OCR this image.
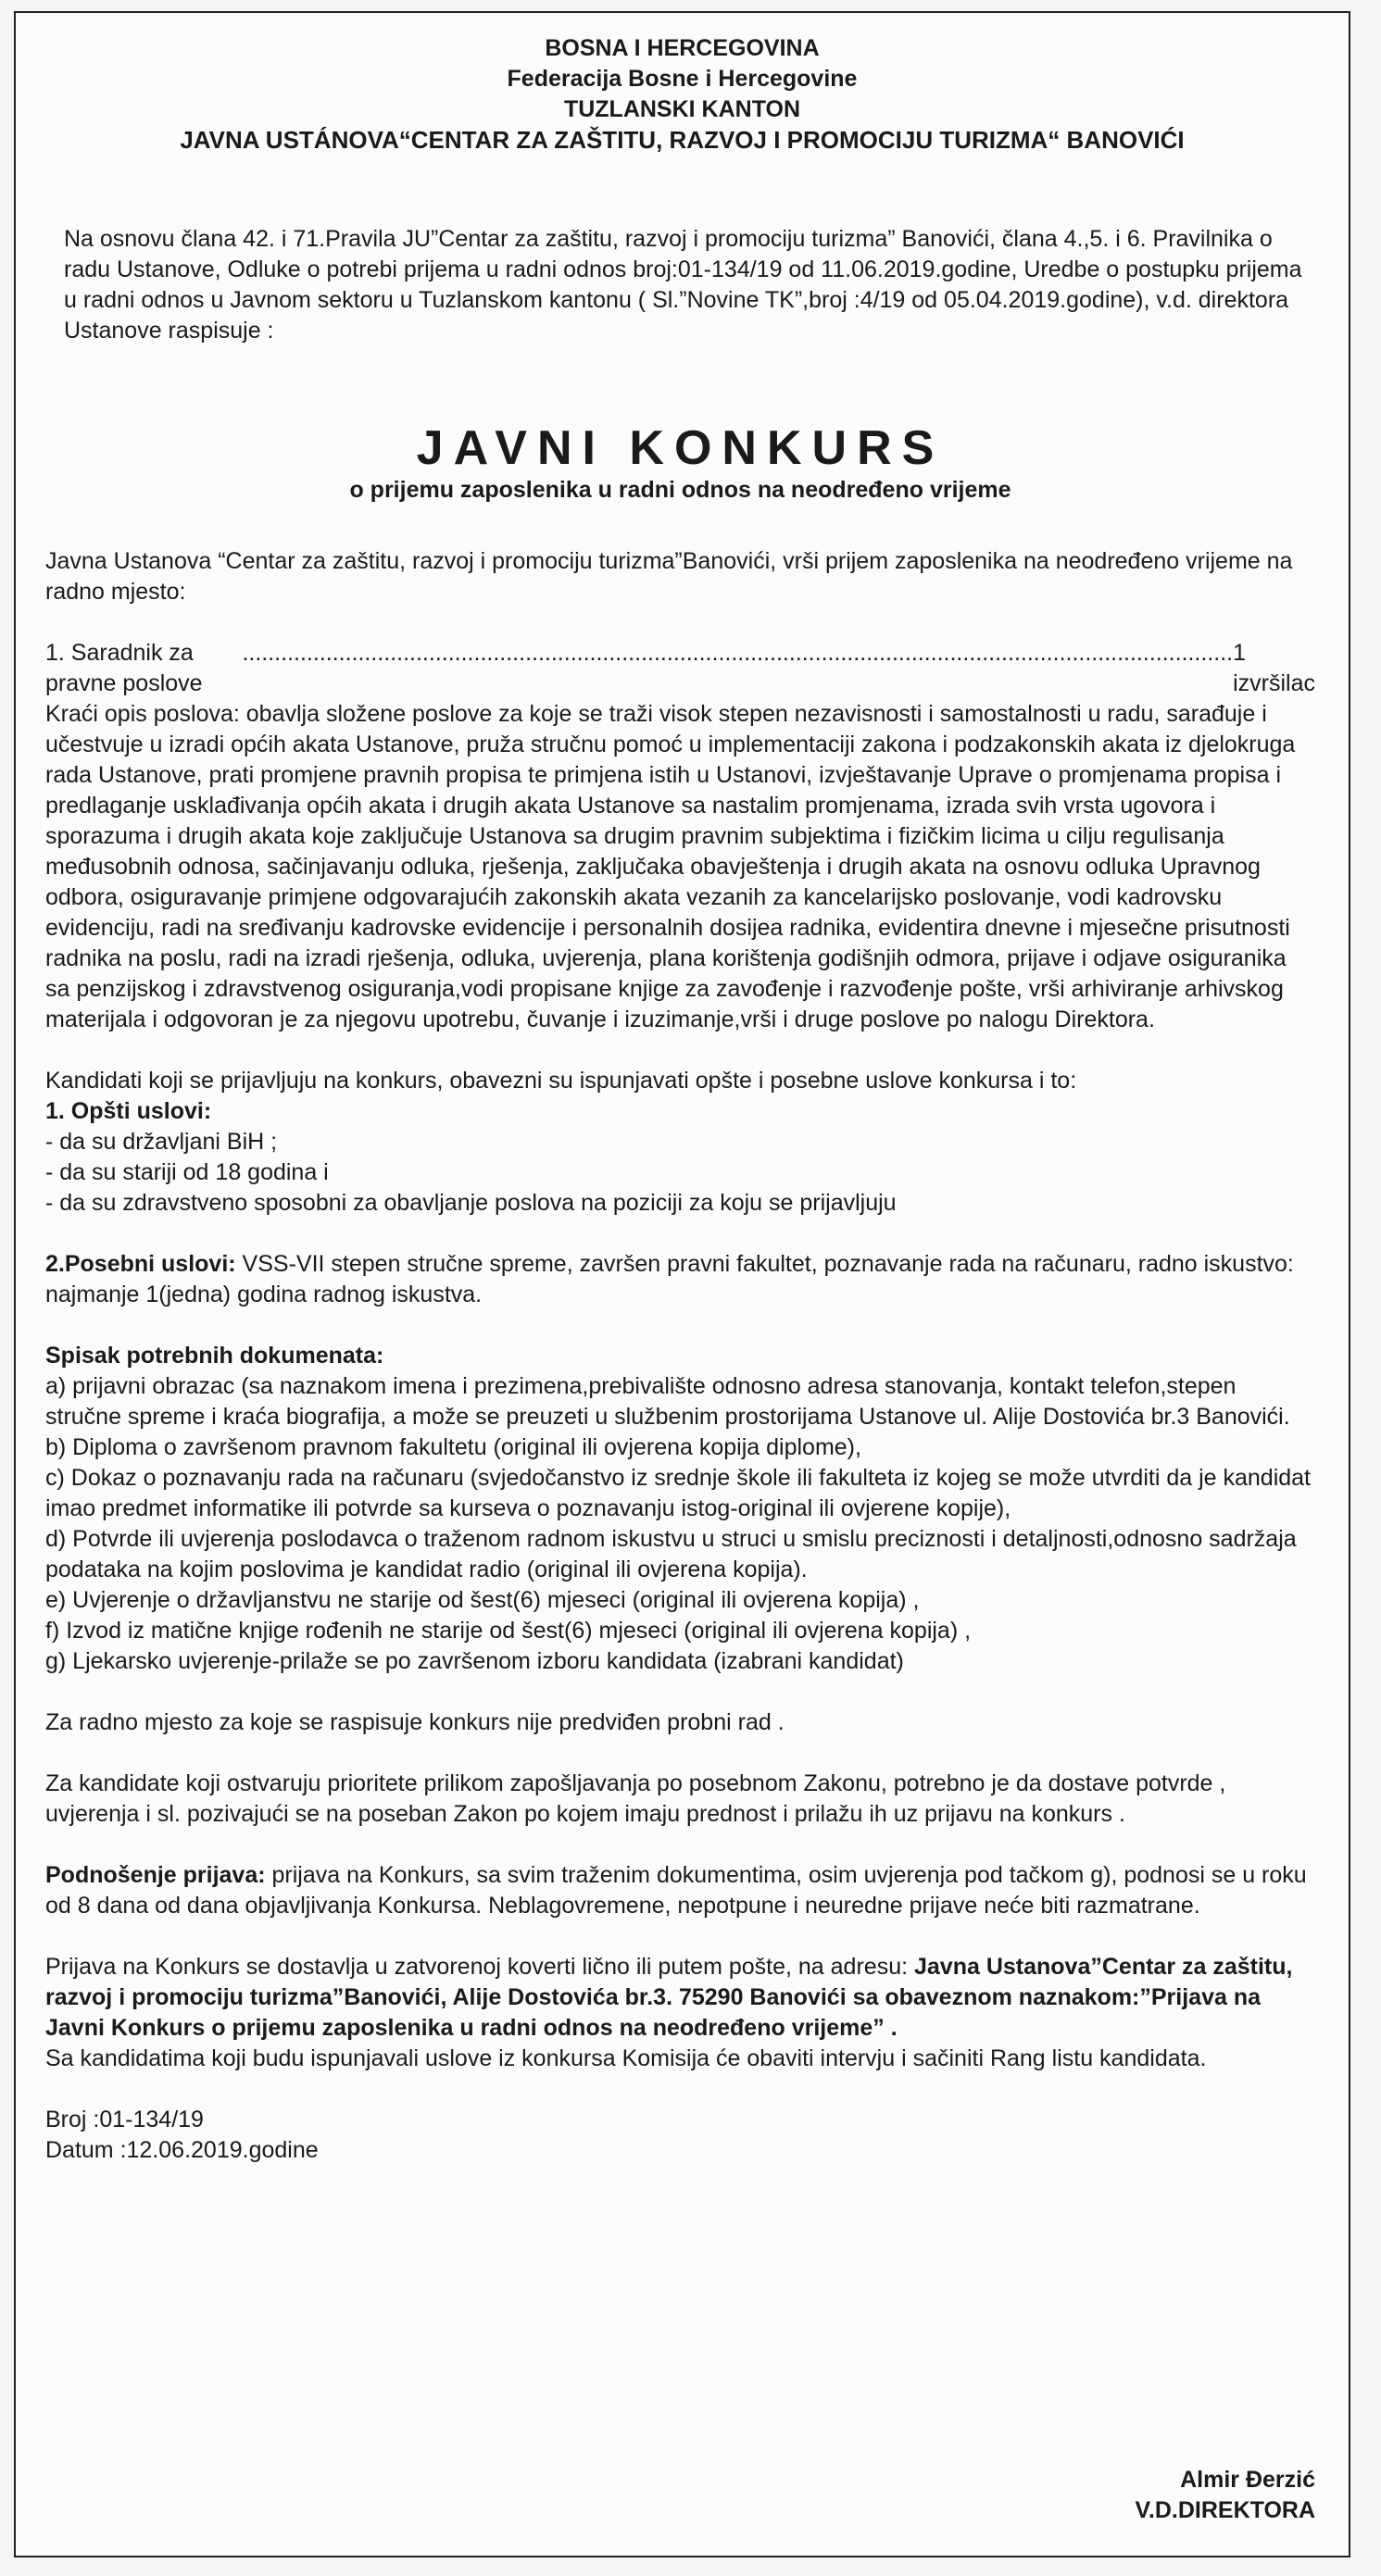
BOSNA I HERCEGOVINA
Federacija Bosne i Hercegovine
TUZLANSKI KANTON
JAVNA USTÁNOVA“CENTAR ZA ZAŠTITU, RAZVOJ I PROMOCIJU TURIZMA“ BANOVIĆI

Na osnovu člana 42. i 71.Pravila JU”Centar za zaštitu, razvoj i promociju turizma” Banovići, člana 4.,5. i 6. Pravilnika o radu Ustanove, Odluke o potrebi prijema u radni odnos broj:01-134/19 od 11.06.2019.godine, Uredbe o postupku prijema u radni odnos u Javnom sektoru u Tuzlanskom kantonu ( Sl.”Novine TK”,broj :4/19 od 05.04.2019.godine), v.d. direktora Ustanove raspisuje :

JAVNI KONKURS
o prijemu zaposlenika u radni odnos na neodređeno vrijeme

Javna Ustanova “Centar za zaštitu, razvoj i promociju turizma”Banovići, vrši prijem zaposlenika na neodređeno vrijeme na radno mjesto:

1. Saradnik za pravne poslove
.......................................................................................................................................................... 1 izvršilac

Kraći opis poslova: obavlja složene poslove za koje se traži visok stepen nezavisnosti i samostalnosti u radu, sarađuje i učestvuje u izradi općih akata Ustanove, pruža stručnu pomoć u implementaciji zakona i podzakonskih akata iz djelokruga rada Ustanove, prati promjene pravnih propisa te primjena istih u Ustanovi, izvještavanje Uprave o promjenama propisa i predlaganje usklađivanja općih akata i drugih akata Ustanove sa nastalim promjenama, izrada svih vrsta ugovora i sporazuma i drugih akata koje zaključuje Ustanova sa drugim pravnim subjektima i fizičkim licima u cilju regulisanja međusobnih odnosa, sačinjavanju odluka, rješenja, zaključaka obavještenja i drugih akata na osnovu odluka Upravnog odbora, osiguravanje primjene odgovarajućih zakonskih akata vezanih za kancelarijsko poslovanje, vodi kadrovsku evidenciju, radi na sređivanju kadrovske evidencije i personalnih dosijea radnika, evidentira dnevne i mjesečne prisutnosti radnika na poslu, radi na izradi rješenja, odluka, uvjerenja, plana korištenja godišnjih odmora, prijave i odjave osiguranika sa penzijskog i zdravstvenog osiguranja,vodi propisane knjige za zavođenje i razvođenje pošte, vrši arhiviranje arhivskog materijala i odgovoran je za njegovu upotrebu, čuvanje i izuzimanje,vrši i druge poslove po nalogu Direktora.

Kandidati koji se prijavljuju na konkurs, obavezni su ispunjavati opšte i posebne uslove konkursa i to:

1. Opšti uslovi:

- da su državljani BiH ;
- da su stariji od 18 godina i
- da su zdravstveno sposobni za obavljanje poslova na poziciji za koju se prijavljuju

2.Posebni uslovi: VSS-VII stepen stručne spreme, završen pravni fakultet, poznavanje rada na računaru, radno iskustvo: najmanje 1(jedna) godina radnog iskustva.

Spisak potrebnih dokumenata:

a) prijavni obrazac (sa naznakom imena i prezimena,prebivalište odnosno adresa stanovanja, kontakt telefon,stepen stručne spreme i kraća biografija, a može se preuzeti u službenim prostorijama Ustanove ul. Alije Dostovića br.3 Banovići.
b) Diploma o završenom pravnom fakultetu (original ili ovjerena kopija diplome),
c) Dokaz o poznavanju rada na računaru (svjedočanstvo iz srednje škole ili fakulteta iz kojeg se može utvrditi da je kandidat imao predmet informatike ili potvrde sa kurseva o poznavanju istog-original ili ovjerene kopije),
d) Potvrde ili uvjerenja poslodavca o traženom radnom iskustvu u struci u smislu preciznosti i detaljnosti,odnosno sadržaja podataka na kojim poslovima je kandidat radio (original ili ovjerena kopija).
e) Uvjerenje o državljanstvu ne starije od šest(6) mjeseci (original ili ovjerena kopija) ,
f) Izvod iz matične knjige rođenih ne starije od šest(6) mjeseci (original ili ovjerena kopija) ,
g) Ljekarsko uvjerenje-prilaže se po završenom izboru kandidata (izabrani kandidat)

Za radno mjesto za koje se raspisuje konkurs nije predviđen probni rad .

Za kandidate koji ostvaruju prioritete prilikom zapošljavanja po posebnom Zakonu, potrebno je da dostave potvrde , uvjerenja i sl. pozivajući se na poseban Zakon po kojem imaju prednost i prilažu ih uz prijavu na konkurs .

Podnošenje prijava: prijava na Konkurs, sa svim traženim dokumentima, osim uvjerenja pod tačkom g), podnosi se u roku od 8 dana od dana objavljivanja Konkursa. Neblagovremene, nepotpune i neuredne prijave neće biti razmatrane.

Prijava na Konkurs se dostavlja u zatvorenoj koverti lično ili putem pošte, na adresu: Javna Ustanova”Centar za zaštitu, razvoj i promociju turizma”Banovići, Alije Dostovića br.3. 75290 Banovići sa obaveznom naznakom:”Prijava na Javni Konkurs o prijemu zaposlenika u radni odnos na neodređeno vrijeme” .

Sa kandidatima koji budu ispunjavali uslove iz konkursa Komisija će obaviti intervju i sačiniti Rang listu kandidata.

Broj :01-134/19

Datum :12.06.2019.godine

Almir Đerzić
V.D.DIREKTORA
